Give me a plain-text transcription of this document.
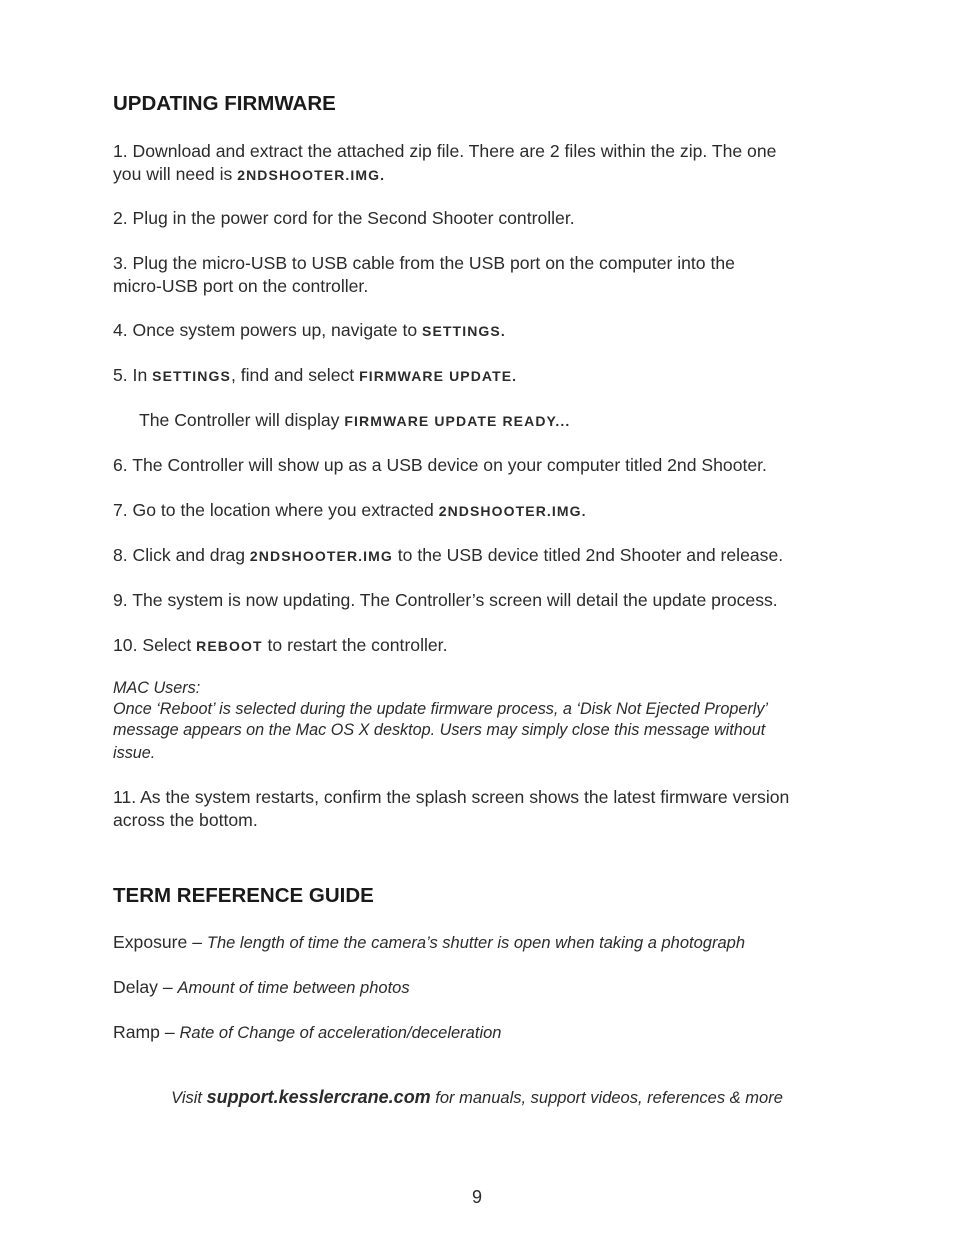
UPDATING FIRMWARE
1. Download and extract the attached zip file. There are 2 files within the zip. The one
you will need is 2NDSHOOTER.IMG.
2. Plug in the power cord for the Second Shooter controller.
3. Plug the micro-USB to USB cable from the USB port on the computer into the
micro-USB port on the controller.
4. Once system powers up, navigate to SETTINGS.
5. In SETTINGS, find and select FIRMWARE UPDATE.
The Controller will display FIRMWARE UPDATE READY...
6. The Controller will show up as a USB device on your computer titled 2nd Shooter.
7. Go to the location where you extracted 2NDSHOOTER.IMG.
8. Click and drag 2NDSHOOTER.IMG to the USB device titled 2nd Shooter and release.
9. The system is now updating. The Controller’s screen will detail the update process.
10. Select REBOOT to restart the controller.
MAC Users:
Once ‘Reboot’ is selected during the update firmware process, a ‘Disk Not Ejected Properly’
message appears on the Mac OS X desktop. Users may simply close this message without
issue.
11. As the system restarts, confirm the splash screen shows the latest firmware version
across the bottom.
TERM REFERENCE GUIDE
Exposure – The length of time the camera’s shutter is open when taking a photograph
Delay – Amount of time between photos
Ramp – Rate of Change of acceleration/deceleration
Visit support.kesslercrane.com for manuals, support videos, references & more
9
